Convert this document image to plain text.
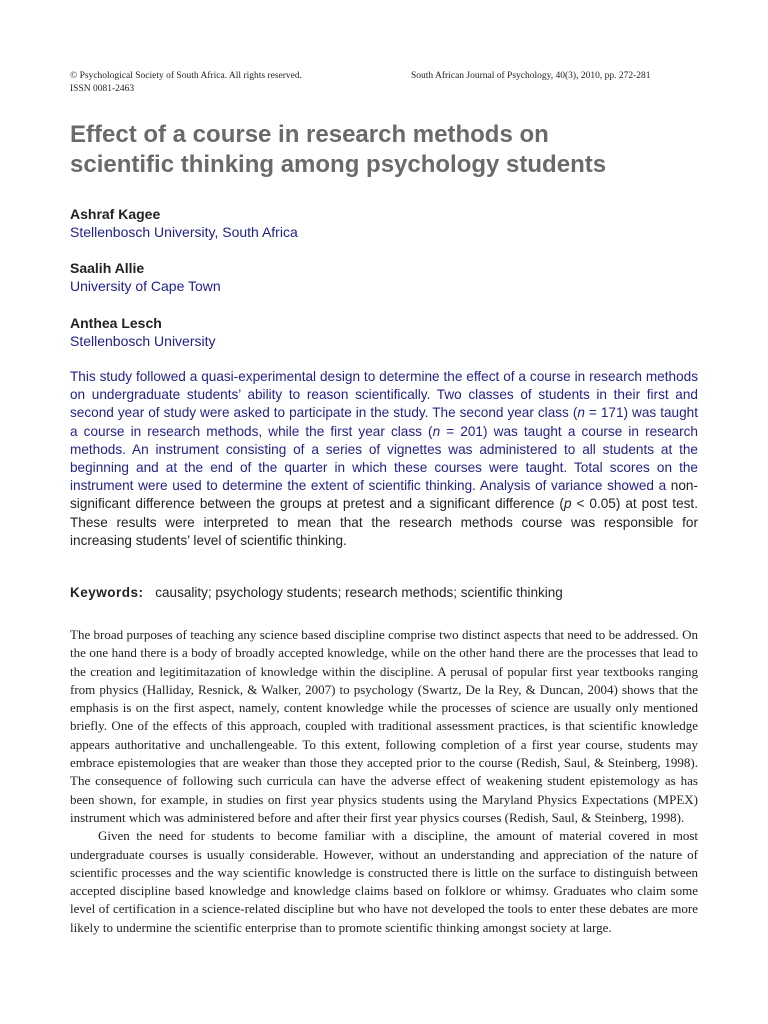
© Psychological Society of South Africa. All rights reserved.
ISSN 0081-2463
South African Journal of Psychology, 40(3), 2010, pp. 272-281
Effect of a course in research methods on
scientific thinking among psychology students
Ashraf Kagee
Stellenbosch University, South Africa
Saalih Allie
University of Cape Town
Anthea Lesch
Stellenbosch University

This study followed a quasi-experimental design to determine the effect of a course in research methods on undergraduate students’ ability to reason scientifically. Two classes of students in their first and second year of study were asked to participate in the study. The second year class (n = 171) was taught a course in research methods, while the first year class (n = 201) was taught a course in research methods. An instrument consisting of a series of vignettes was administered to all students at the beginning and at the end of the quarter in which these courses were taught. Total scores on the instrument were used to determine the extent of scientific thinking. Analysis of variance showed a non-significant difference between the groups at pretest and a significant difference (p < 0.05) at post test. These results were interpreted to mean that the research methods course was responsible for increasing students’ level of scientific thinking.

Keywords: causality; psychology students; research methods; scientific thinking

The broad purposes of teaching any science based discipline comprise two distinct aspects that need to be addressed. On the one hand there is a body of broadly accepted knowledge, while on the other hand there are the processes that lead to the creation and legitimitazation of knowledge within the discipline. A perusal of popular first year textbooks ranging from physics (Halliday, Resnick, & Walker, 2007) to psychology (Swartz, De la Rey, & Duncan, 2004) shows that the emphasis is on the first aspect, namely, content knowledge while the processes of science are usually only mentioned briefly. One of the effects of this approach, coupled with traditional assessment practices, is that scientific knowledge appears authoritative and unchallengeable. To this extent, following completion of a first year course, students may embrace epistemologies that are weaker than those they accepted prior to the course (Redish, Saul, & Steinberg, 1998). The consequence of following such curricula can have the adverse effect of weakening student epistemology as has been shown, for example, in studies on first year physics students using the Maryland Physics Expectations (MPEX) instrument which was administered before and after their first year physics courses (Redish, Saul, & Steinberg, 1998).

Given the need for students to become familiar with a discipline, the amount of material covered in most undergraduate courses is usually considerable. However, without an understanding and appreciation of the nature of scientific processes and the way scientific knowledge is constructed there is little on the surface to distinguish between accepted discipline based knowledge and knowledge claims based on folklore or whimsy. Graduates who claim some level of certification in a science-related discipline but who have not developed the tools to enter these debates are more likely to undermine the scientific enterprise than to promote scientific thinking amongst society at large.
